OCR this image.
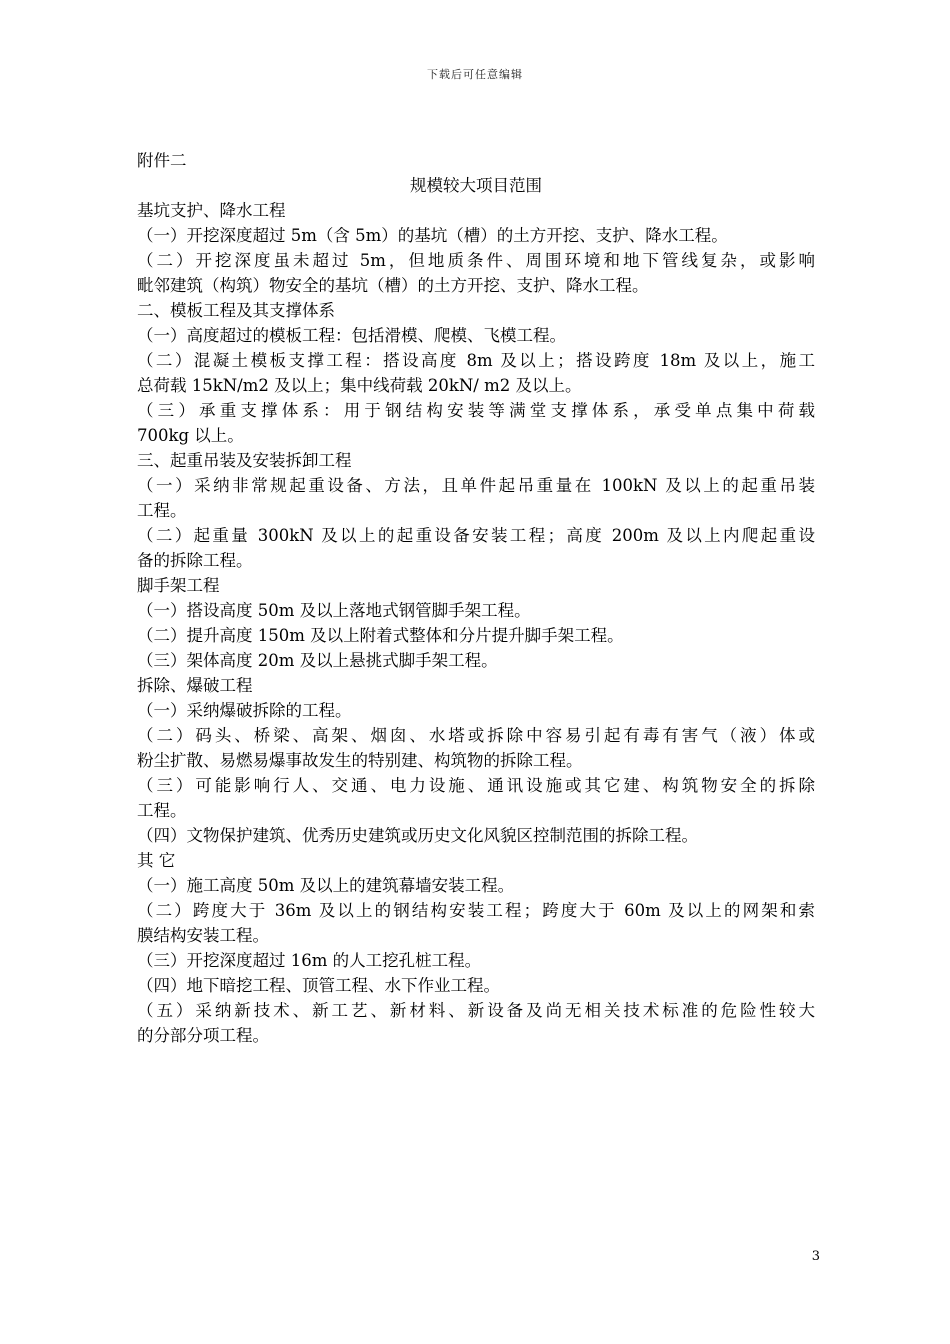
下载后可任意编辑
附件二
规模较大项目范围
基坑支护、降水工程
（一）开挖深度超过 5m（含 5m）的基坑（槽）的土方开挖、支护、降水工程。
（二）开挖深度虽未超过 5m，但地质条件、周围环境和地下管线复杂，或影响
毗邻建筑（构筑）物安全的基坑（槽）的土方开挖、支护、降水工程。
二、模板工程及其支撑体系
（一）高度超过的模板工程：包括滑模、爬模、飞模工程。
（二）混凝土模板支撑工程：搭设高度 8m 及以上；搭设跨度 18m 及以上，施工
总荷载 15kN/m2 及以上；集中线荷载 20kN/ m2 及以上。
（三）承重支撑体系：用于钢结构安装等满堂支撑体系，承受单点集中荷载
700kg 以上。
三、起重吊装及安装拆卸工程
（一）采纳非常规起重设备、方法，且单件起吊重量在 100kN 及以上的起重吊装
工程。
（二）起重量 300kN 及以上的起重设备安装工程；高度 200m 及以上内爬起重设
备的拆除工程。
脚手架工程
（一）搭设高度 50m 及以上落地式钢管脚手架工程。
（二）提升高度 150m 及以上附着式整体和分片提升脚手架工程。
（三）架体高度 20m 及以上悬挑式脚手架工程。
拆除、爆破工程
（一）采纳爆破拆除的工程。
（二）码头、桥梁、高架、烟囱、水塔或拆除中容易引起有毒有害气（液）体或
粉尘扩散、易燃易爆事故发生的特别建、构筑物的拆除工程。
（三）可能影响行人、交通、电力设施、通讯设施或其它建、构筑物安全的拆除
工程。
（四）文物保护建筑、优秀历史建筑或历史文化风貌区控制范围的拆除工程。
其 它
（一）施工高度 50m 及以上的建筑幕墙安装工程。
（二）跨度大于 36m 及以上的钢结构安装工程；跨度大于 60m 及以上的网架和索
膜结构安装工程。
（三）开挖深度超过 16m 的人工挖孔桩工程。
（四）地下暗挖工程、顶管工程、水下作业工程。
（五）采纳新技术、新工艺、新材料、新设备及尚无相关技术标准的危险性较大
的分部分项工程。
3
